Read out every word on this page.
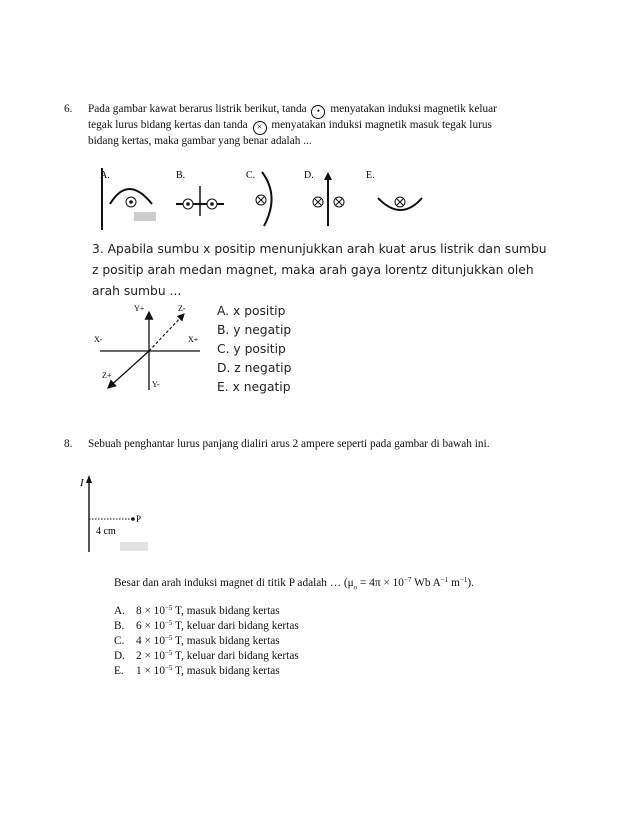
6. Pada gambar kawat berarus listrik berikut, tanda • menyatakan induksi magnetik keluar
tegak lurus bidang kertas dan tanda × menyatakan induksi magnetik masuk tegak lurus
bidang kertas, maka gambar yang benar adalah ...
A.	B.	C.	D.	E.
3. Apabila sumbu x positip menunjukkan arah kuat arus listrik dan sumbu
z positip arah medan magnet, maka arah gaya lorentz ditunjukkan oleh
arah sumbu ...
Y+	Z-
X-	X+
Z+
Y-
A. x positip
B. y negatip
C. y positip
D. z negatip
E. x negatip
8. Sebuah penghantar lurus panjang dialiri arus 2 ampere seperti pada gambar di bawah ini.
I
P
4 cm
Besar dan arah induksi magnet di titik P adalah … ($\mu_o = 4\pi \times 10^{-7}$ Wb $A^{-1}$ $m^{-1}$).
A. $8 \times 10^{-5}$ T, masuk bidang kertas
B. $6 \times 10^{-5}$ T, keluar dari bidang kertas
C. $4 \times 10^{-5}$ T, masuk bidang kertas
D. $2 \times 10^{-5}$ T, keluar dari bidang kertas
E. $1 \times 10^{-5}$ T, masuk bidang kertas
